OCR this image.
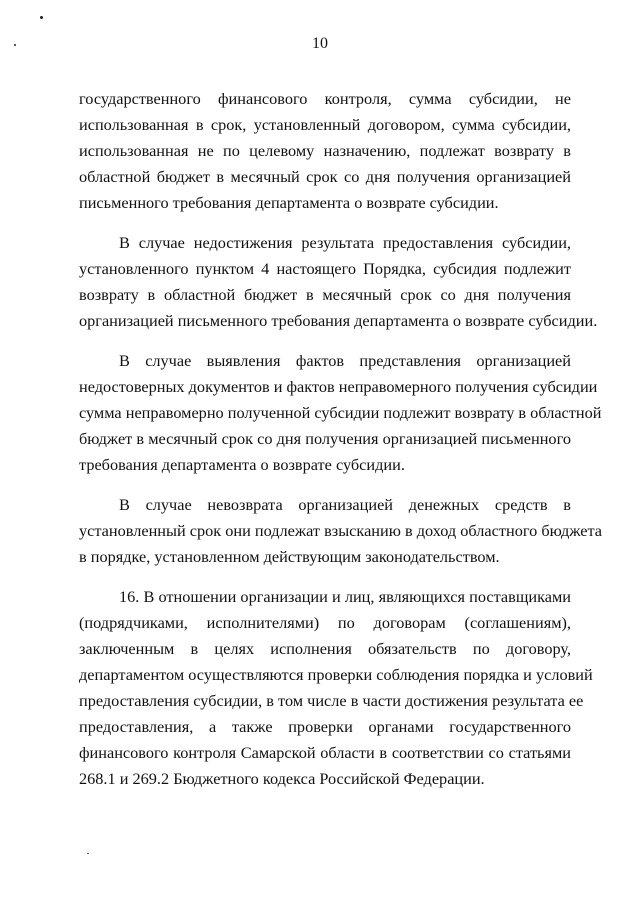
10

государственного финансового контроля, сумма субсидии, не
использованная в срок, установленный договором, сумма субсидии,
использованная не по целевому назначению, подлежат возврату в
областной бюджет в месячный срок со дня получения организацией
письменного требования департамента о возврате субсидии.

В случае недостижения результата предоставления субсидии,
установленного пунктом 4 настоящего Порядка, субсидия подлежит
возврату в областной бюджет в месячный срок со дня получения
организацией письменного требования департамента о возврате субсидии.

В случае выявления фактов представления организацией
недостоверных документов и фактов неправомерного получения субсидии
сумма неправомерно полученной субсидии подлежит возврату в областной
бюджет в месячный срок со дня получения организацией письменного
требования департамента о возврате субсидии.

В случае невозврата организацией денежных средств в
установленный срок они подлежат взысканию в доход областного бюджета
в порядке, установленном действующим законодательством.

16. В отношении организации и лиц, являющихся поставщиками
(подрядчиками, исполнителями) по договорам (соглашениям),
заключенным в целях исполнения обязательств по договору,
департаментом осуществляются проверки соблюдения порядка и условий
предоставления субсидии, в том числе в части достижения результата ее
предоставления, а также проверки органами государственного
финансового контроля Самарской области в соответствии со статьями
268.1 и 269.2 Бюджетного кодекса Российской Федерации.
